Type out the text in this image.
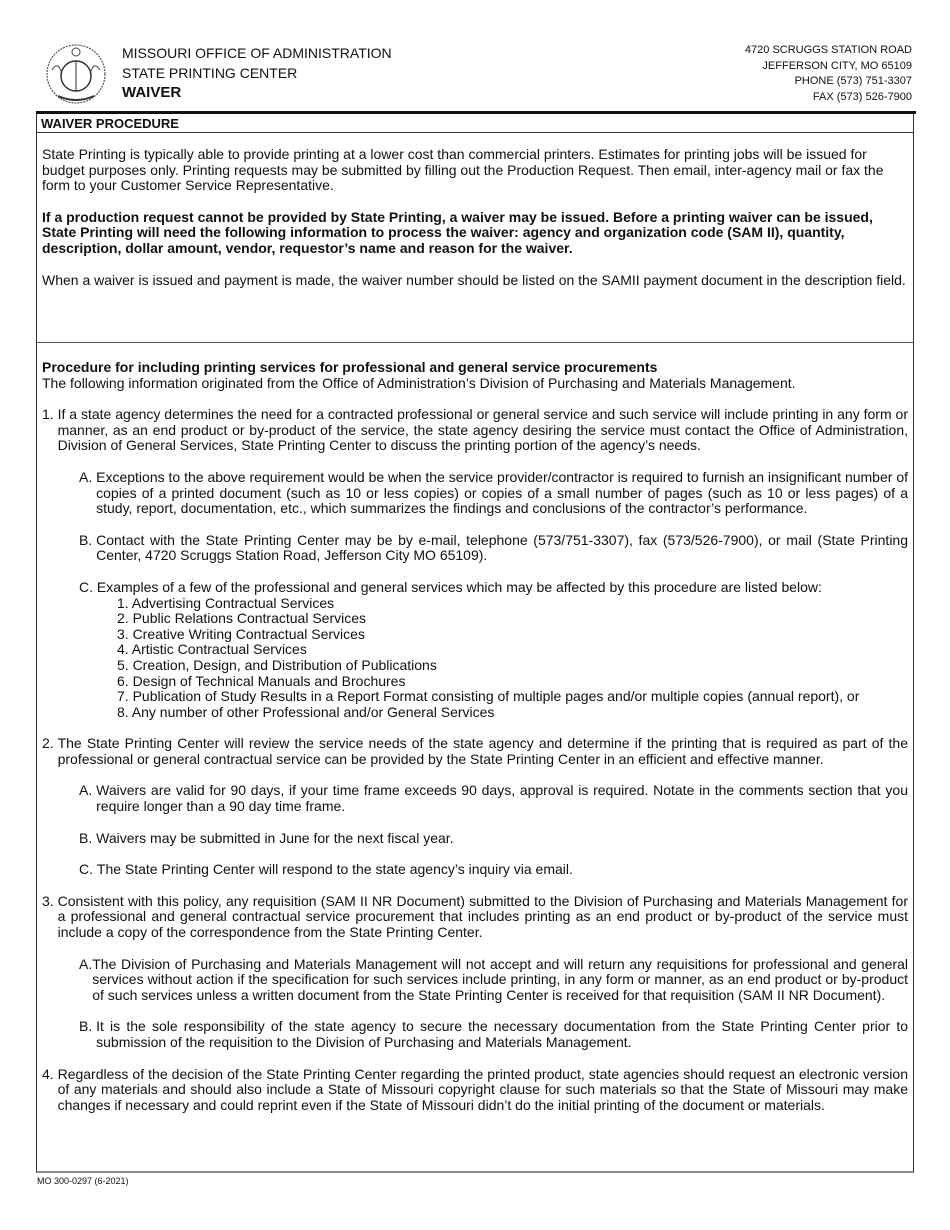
MISSOURI OFFICE OF ADMINISTRATION
STATE PRINTING CENTER
WAIVER
4720 SCRUGGS STATION ROAD
JEFFERSON CITY, MO 65109
PHONE (573) 751-3307
FAX (573) 526-7900
WAIVER PROCEDURE

State Printing is typically able to provide printing at a lower cost than commercial printers. Estimates for printing jobs will be issued for budget purposes only. Printing requests may be submitted by filling out the Production Request. Then email, inter-agency mail or fax the form to your Customer Service Representative.

If a production request cannot be provided by State Printing, a waiver may be issued. Before a printing waiver can be issued, State Printing will need the following information to process the waiver: agency and organization code (SAM II), quantity, description, dollar amount, vendor, requestor’s name and reason for the waiver.

When a waiver is issued and payment is made, the waiver number should be listed on the SAMII payment document in the description field.

Procedure for including printing services for professional and general service procurements

The following information originated from the Office of Administration’s Division of Purchasing and Materials Management.

1.
If a state agency determines the need for a contracted professional or general service and such service will include printing in any form or manner, as an end product or by-product of the service, the state agency desiring the service must contact the Office of Administration, Division of General Services, State Printing Center to discuss the printing portion of the agency’s needs.

A.
Exceptions to the above requirement would be when the service provider/contractor is required to furnish an insignificant number of copies of a printed document (such as 10 or less copies) or copies of a small number of pages (such as 10 or less pages) of a study, report, documentation, etc., which summarizes the findings and conclusions of the contractor’s performance.

B.
Contact with the State Printing Center may be by e-mail, telephone (573/751-3307), fax (573/526-7900), or mail (State Printing Center, 4720 Scruggs Station Road, Jefferson City MO 65109).

C.
Examples of a few of the professional and general services which may be affected by this procedure are listed below:

1. Advertising Contractual Services

2. Public Relations Contractual Services

3. Creative Writing Contractual Services

4. Artistic Contractual Services

5. Creation, Design, and Distribution of Publications

6. Design of Technical Manuals and Brochures

7. Publication of Study Results in a Report Format consisting of multiple pages and/or multiple copies (annual report), or

8. Any number of other Professional and/or General Services

2.
The State Printing Center will review the service needs of the state agency and determine if the printing that is required as part of the professional or general contractual service can be provided by the State Printing Center in an efficient and effective manner.

A.
Waivers are valid for 90 days, if your time frame exceeds 90 days, approval is required. Notate in the comments section that you require longer than a 90 day time frame.

B.
Waivers may be submitted in June for the next fiscal year.

C.
The State Printing Center will respond to the state agency’s inquiry via email.

3.
Consistent with this policy, any requisition (SAM II NR Document) submitted to the Division of Purchasing and Materials Management for a professional and general contractual service procurement that includes printing as an end product or by-product of the service must include a copy of the correspondence from the State Printing Center.

A. The Division of Purchasing and Materials Management will not accept and will return any requisitions for professional and general services without action if the specification for such services include printing, in any form or manner, as an end product or by-product of such services unless a written document from the State Printing Center is received for that requisition (SAM II NR Document).

B.
It is the sole responsibility of the state agency to secure the necessary documentation from the State Printing Center prior to submission of the requisition to the Division of Purchasing and Materials Management.

4.
Regardless of the decision of the State Printing Center regarding the printed product, state agencies should request an electronic version of any materials and should also include a State of Missouri copyright clause for such materials so that the State of Missouri may make changes if necessary and could reprint even if the State of Missouri didn’t do the initial printing of the document or materials.

MO 300-0297 (6-2021)
